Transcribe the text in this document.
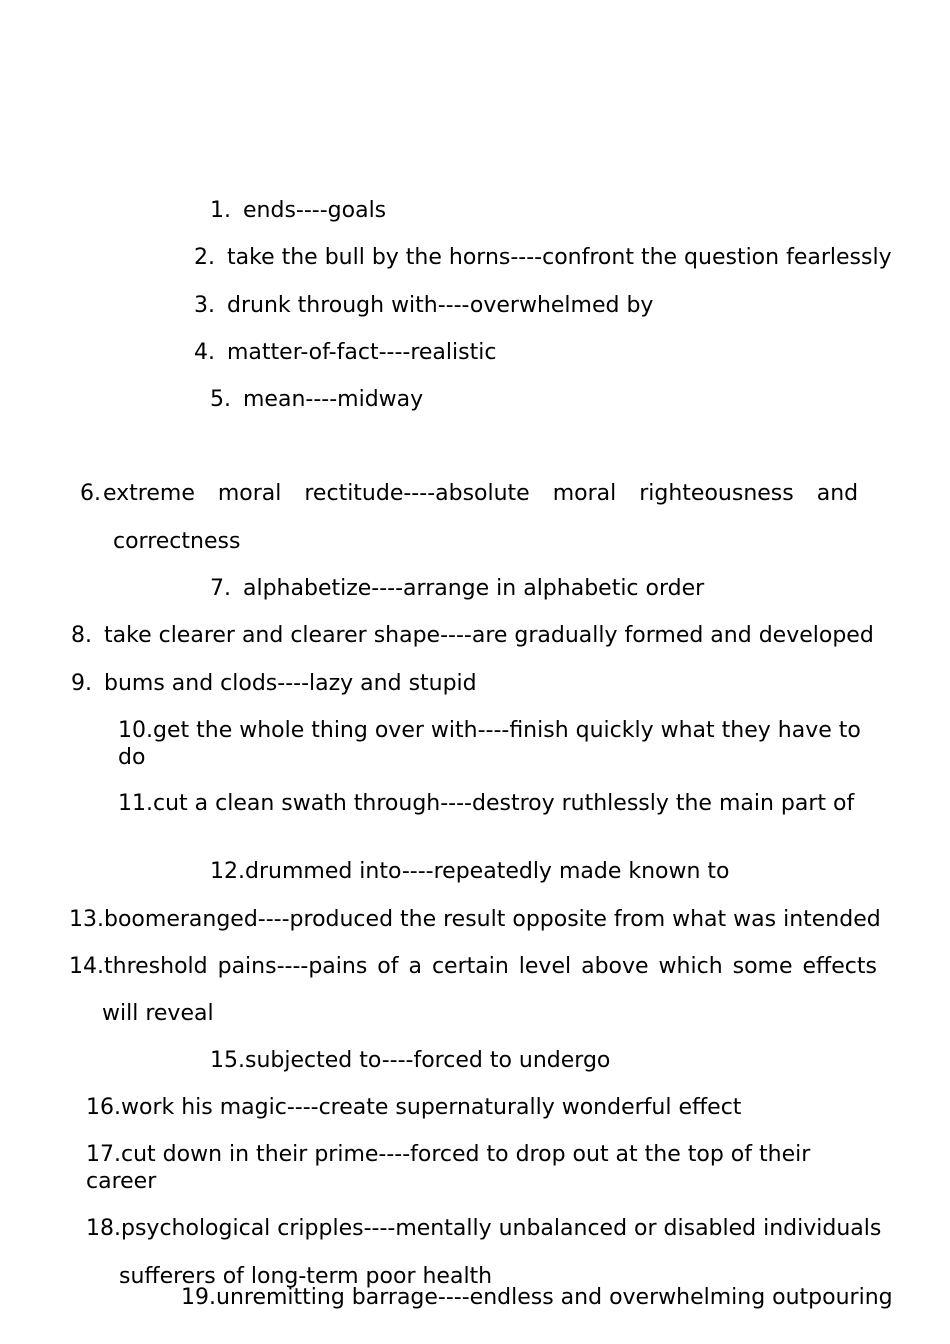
1. ends----goals
2. take the bull by the horns----confront the question fearlessly
3. drunk through with----overwhelmed by
4. matter-of-fact----realistic
5. mean----midway
6.extreme moral rectitude----absolute moral righteousness and
correctness
7. alphabetize----arrange in alphabetic order
8. take clearer and clearer shape----are gradually formed and developed
9. bums and clods----lazy and stupid
10.get the whole thing over with----finish quickly what they have to
do
11.cut a clean swath through----destroy ruthlessly the main part of
12.drummed into----repeatedly made known to
13.boomeranged----produced the result opposite from what was intended
14.threshold pains----pains of a certain level above which some effects
will reveal
15.subjected to----forced to undergo
16.work his magic----create supernaturally wonderful effect
17.cut down in their prime----forced to drop out at the top of their
career
18.psychological cripples----mentally unbalanced or disabled individuals
sufferers of long-term poor health
19.unremitting barrage----endless and overwhelming outpouring
